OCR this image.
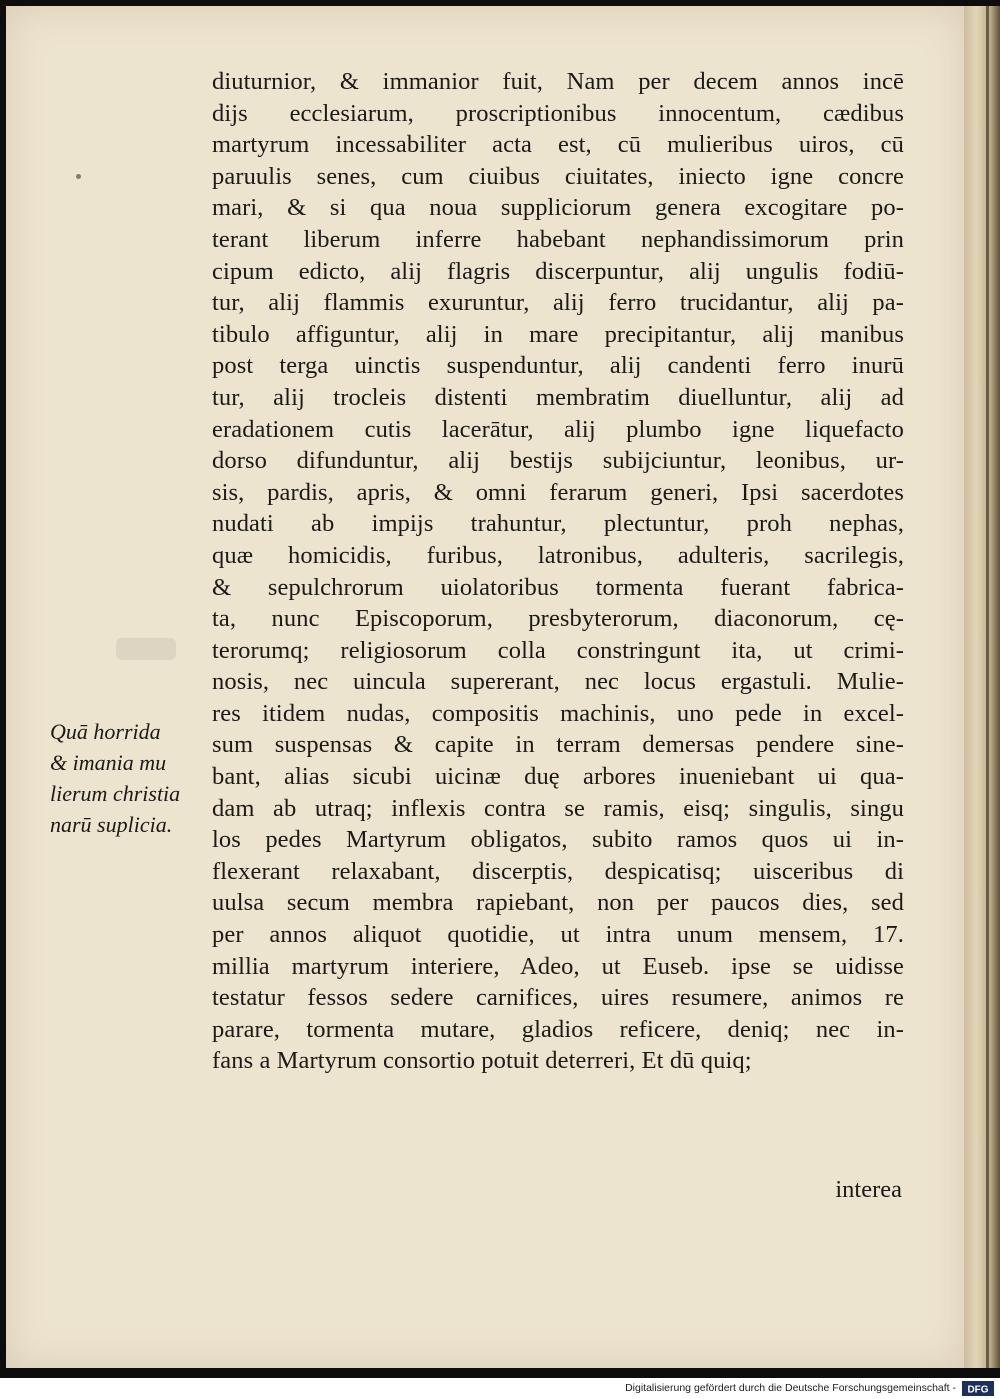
diuturnior, & immanior fuit, Nam per decem annos incē
dijs ecclesiarum, proscriptionibus innocentum, cædibus
martyrum incessabiliter acta est, cū mulieribus uiros, cū
paruulis senes, cum ciuibus ciuitates, iniecto igne concre
mari, & si qua noua suppliciorum genera excogitare po-
terant liberum inferre habebant nephandissimorum prin
cipum edicto, alij flagris discerpuntur, alij ungulis fodiū-
tur, alij flammis exuruntur, alij ferro trucidantur, alij pa-
tibulo affiguntur, alij in mare precipitantur, alij manibus
post terga uinctis suspenduntur, alij candenti ferro inurū
tur, alij trocleis distenti membratim diuelluntur, alij ad
eradationem cutis lacerātur, alij plumbo igne liquefacto
dorso difunduntur, alij bestijs subijciuntur, leonibus, ur-
sis, pardis, apris, & omni ferarum generi, Ipsi sacerdotes
nudati ab impijs trahuntur, plectuntur, proh nephas,
quæ homicidis, furibus, latronibus, adulteris, sacrilegis,
& sepulchrorum uiolatoribus tormenta fuerant fabrica-
ta, nunc Episcoporum, presbyterorum, diaconorum, cę-
terorumq; religiosorum colla constringunt ita, ut crimi-
nosis, nec uincula supererant, nec locus ergastuli. Mulie-
res itidem nudas, compositis machinis, uno pede in excel-
sum suspensas & capite in terram demersas pendere sine-
bant, alias sicubi uicinæ duę arbores inueniebant ui qua-
dam ab utraq; inflexis contra se ramis, eisq; singulis, singu
los pedes Martyrum obligatos, subito ramos quos ui in-
flexerant relaxabant, discerptis, despicatisq; uisceribus di
uulsa secum membra rapiebant, non per paucos dies, sed
per annos aliquot quotidie, ut intra unum mensem, 17.
millia martyrum interiere, Adeo, ut Euseb. ipse se uidisse
testatur fessos sedere carnifices, uires resumere, animos re
parare, tormenta mutare, gladios reficere, deniq; nec in-
fans a Martyrum consortio potuit deterreri, Et dū quiq;
interea
Quā horrida
& imania mu
lierum christia
narū suplicia.
Digitalisierung gefördert durch die Deutsche Forschungsgemeinschaft - DFG
